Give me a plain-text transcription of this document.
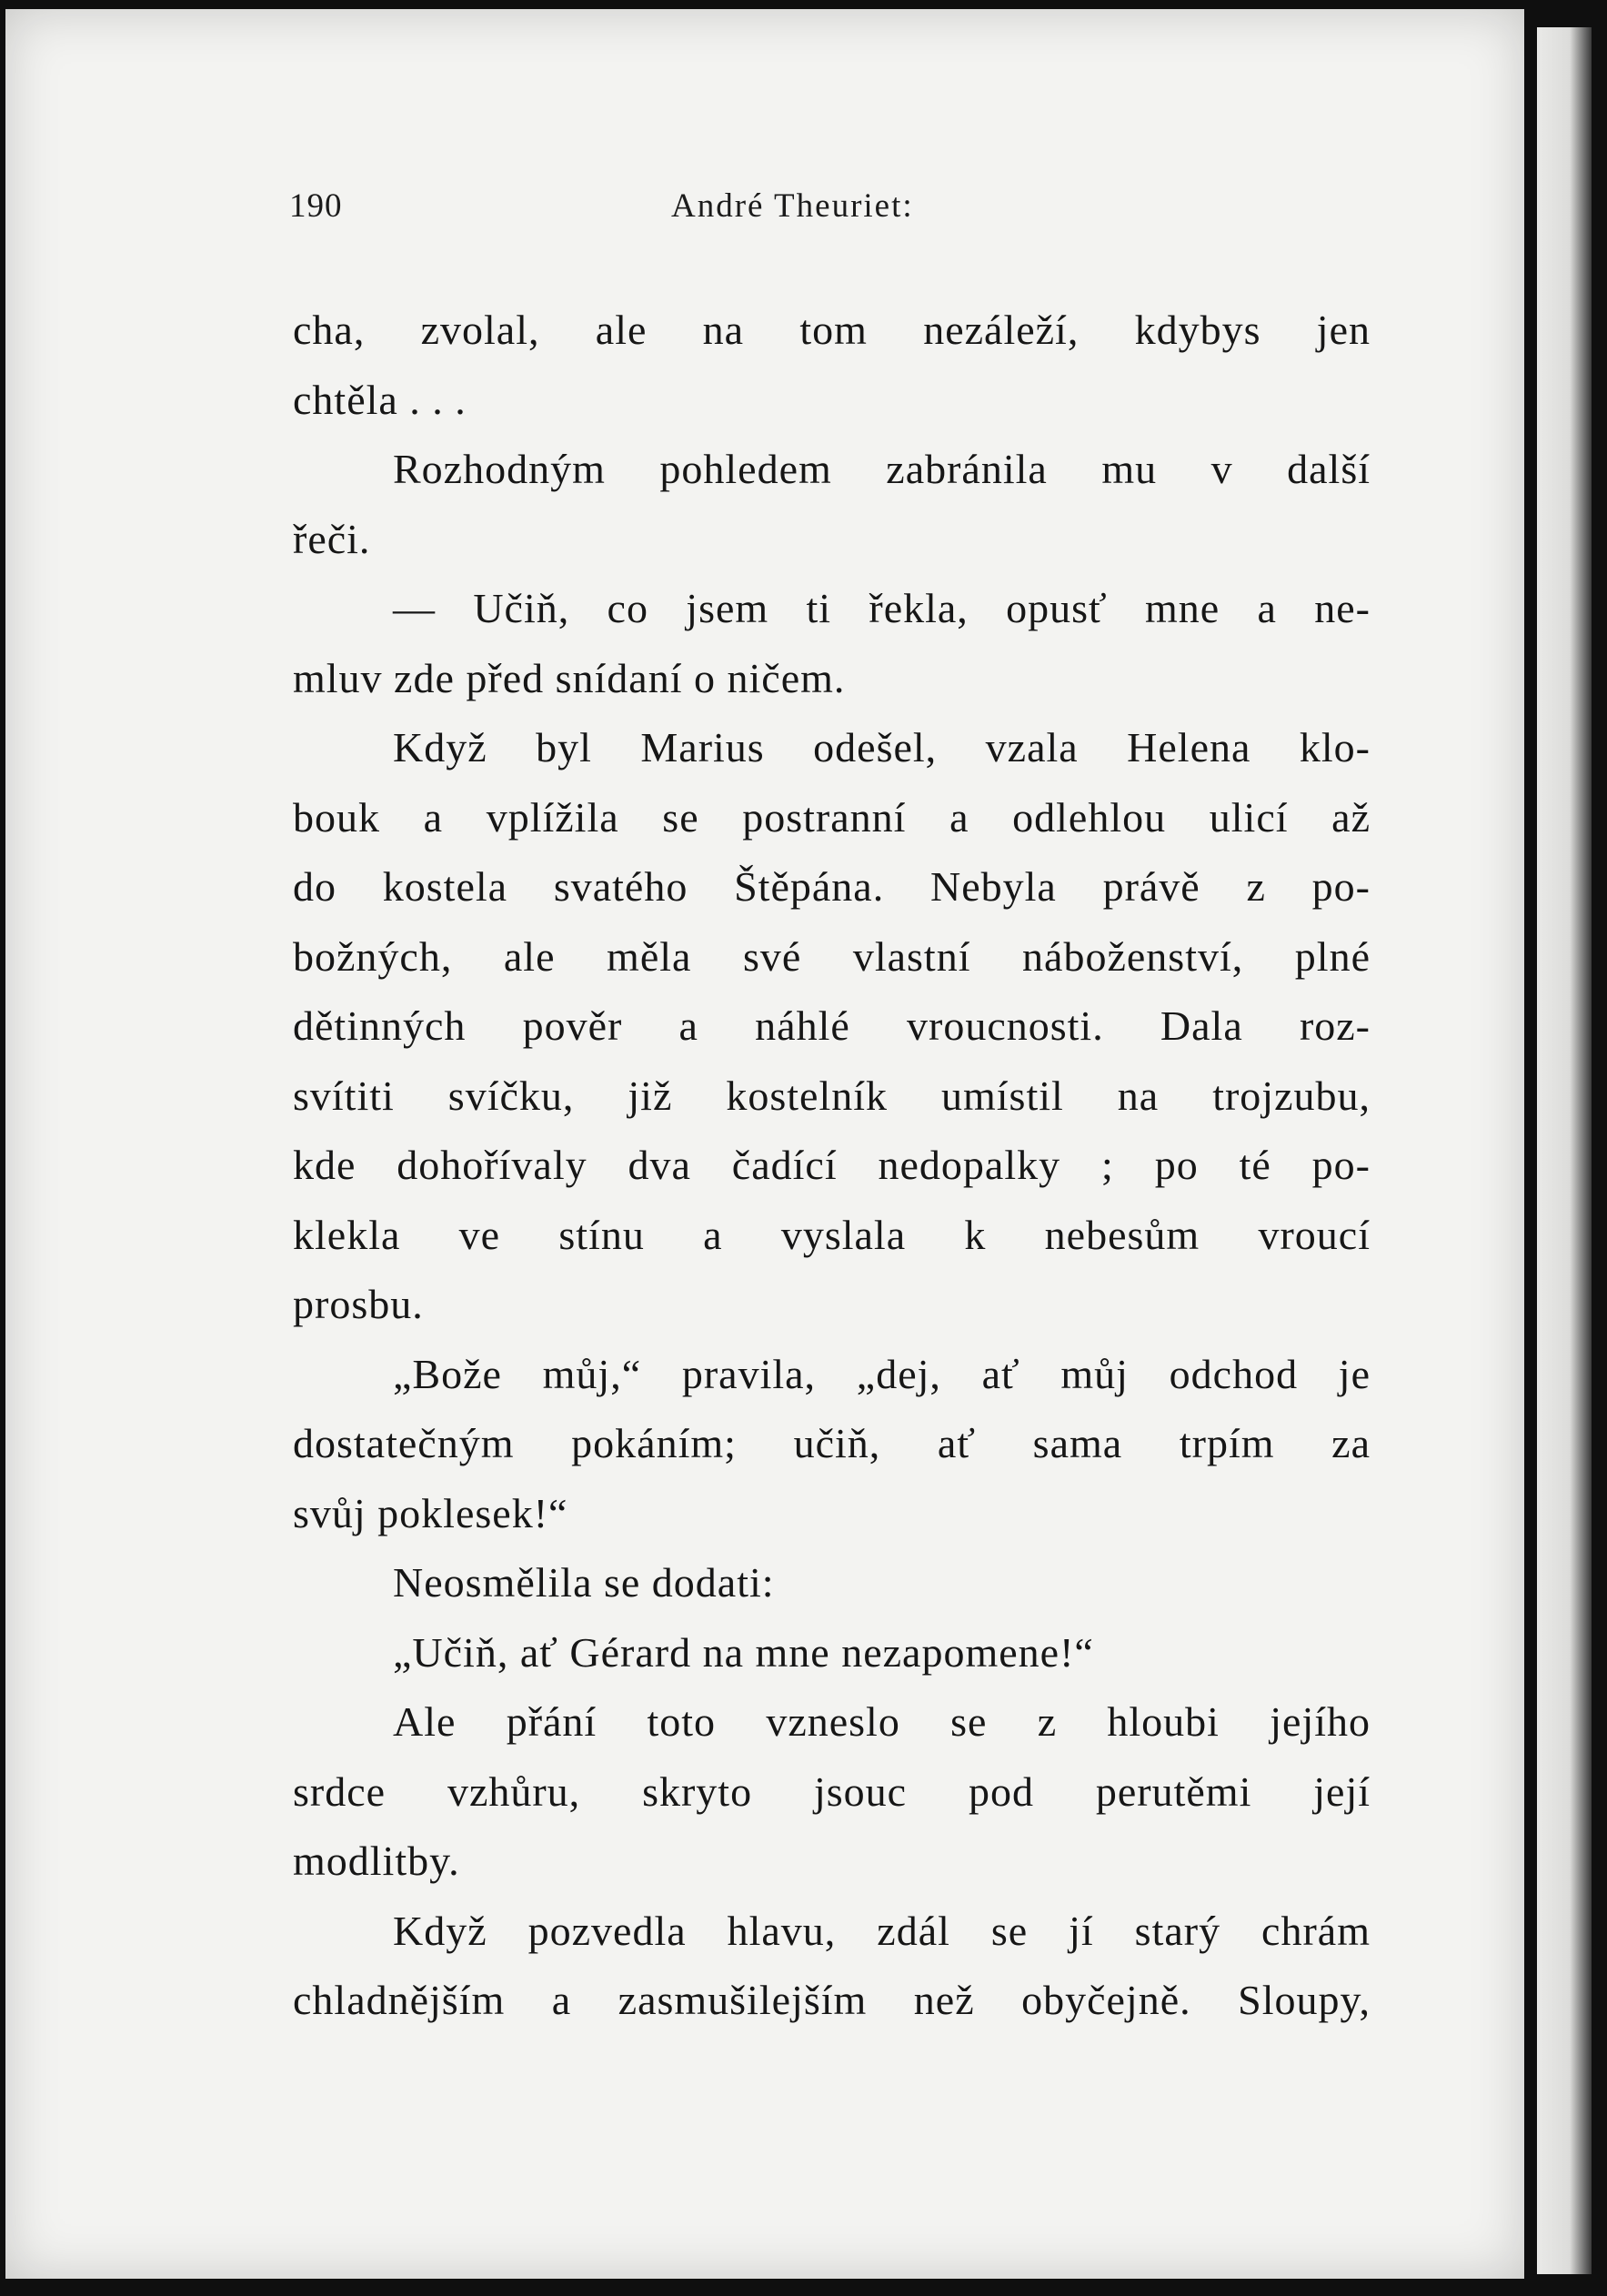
190	André Theuriet:
cha, zvolal, ale na tom nezáleží, kdybys jen
chtěla . . .
Rozhodným pohledem zabránila mu v další
řeči.
— Učiň, co jsem ti řekla, opusť mne a ne-
mluv zde před snídaní o ničem.
Když byl Marius odešel, vzala Helena klo-
bouk a vplížila se postranní a odlehlou ulicí až
do kostela svatého Štěpána. Nebyla právě z po-
božných, ale měla své vlastní náboženství, plné
dětinných pověr a náhlé vroucnosti. Dala roz-
svítiti svíčku, již kostelník umístil na trojzubu,
kde dohořívaly dva čadící nedopalky ; po té po-
klekla ve stínu a vyslala k nebesům vroucí
prosbu.
„Bože můj,“ pravila, „dej, ať můj odchod je
dostatečným pokáním; učiň, ať sama trpím za
svůj poklesek!“
Neosmělila se dodati:
„Učiň, ať Gérard na mne nezapomene!“
Ale přání toto vzneslo se z hloubi jejího
srdce vzhůru, skryto jsouc pod perutěmi její
modlitby.
Když pozvedla hlavu, zdál se jí starý chrám
chladnějším a zasmušilejším než obyčejně. Sloupy,
